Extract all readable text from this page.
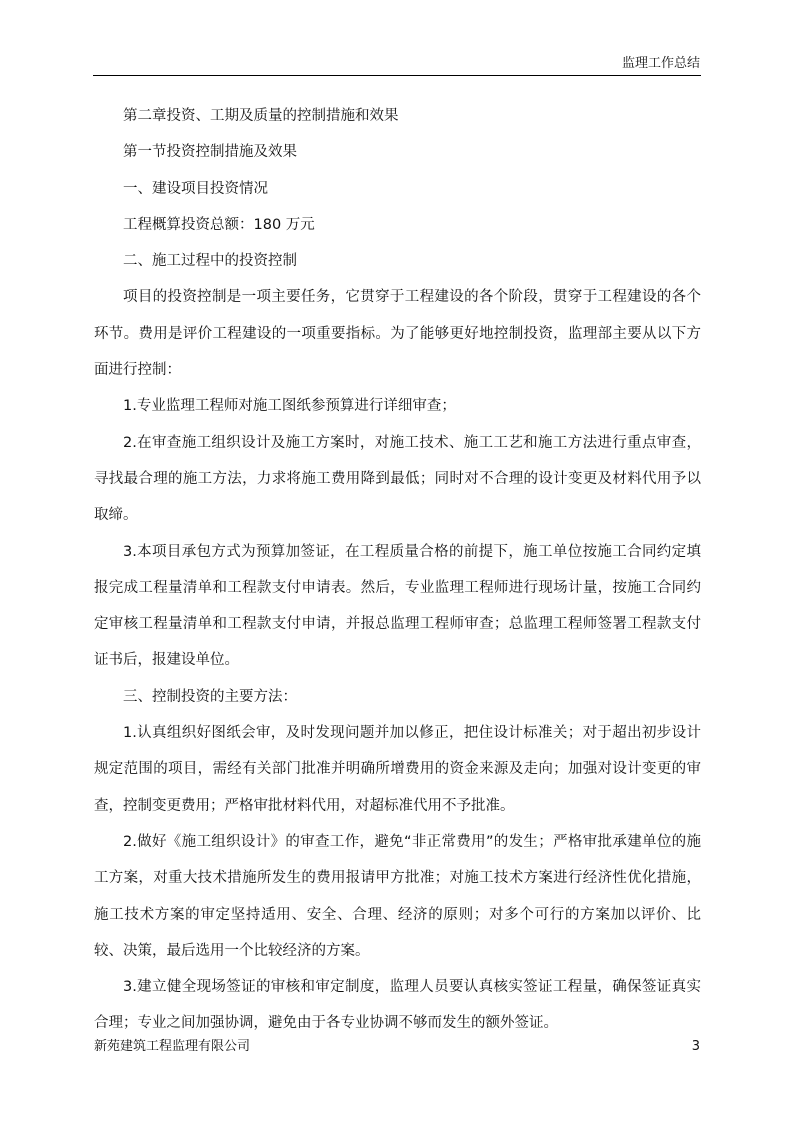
监理工作总结
第二章投资、工期及质量的控制措施和效果
第一节投资控制措施及效果
一、建设项目投资情况
工程概算投资总额：180 万元
二、施工过程中的投资控制
项目的投资控制是一项主要任务，它贯穿于工程建设的各个阶段，贯穿于工程建设的各个环节。费用是评价工程建设的一项重要指标。为了能够更好地控制投资，监理部主要从以下方面进行控制：
1.专业监理工程师对施工图纸参预算进行详细审查；
2.在审查施工组织设计及施工方案时，对施工技术、施工工艺和施工方法进行重点审查，寻找最合理的施工方法，力求将施工费用降到最低；同时对不合理的设计变更及材料代用予以取缔。
3.本项目承包方式为预算加签证，在工程质量合格的前提下，施工单位按施工合同约定填报完成工程量清单和工程款支付申请表。然后，专业监理工程师进行现场计量，按施工合同约定审核工程量清单和工程款支付申请，并报总监理工程师审查；总监理工程师签署工程款支付证书后，报建设单位。
三、控制投资的主要方法：
1.认真组织好图纸会审，及时发现问题并加以修正，把住设计标准关；对于超出初步设计规定范围的项目，需经有关部门批准并明确所增费用的资金来源及走向；加强对设计变更的审查，控制变更费用；严格审批材料代用，对超标准代用不予批准。
2.做好《施工组织设计》的审查工作，避免“非正常费用”的发生；严格审批承建单位的施工方案，对重大技术措施所发生的费用报请甲方批准；对施工技术方案进行经济性优化措施，施工技术方案的审定坚持适用、安全、合理、经济的原则；对多个可行的方案加以评价、比较、决策，最后选用一个比较经济的方案。
3.建立健全现场签证的审核和审定制度，监理人员要认真核实签证工程量，确保签证真实合理；专业之间加强协调，避免由于各专业协调不够而发生的额外签证。
新苑建筑工程监理有限公司	3
